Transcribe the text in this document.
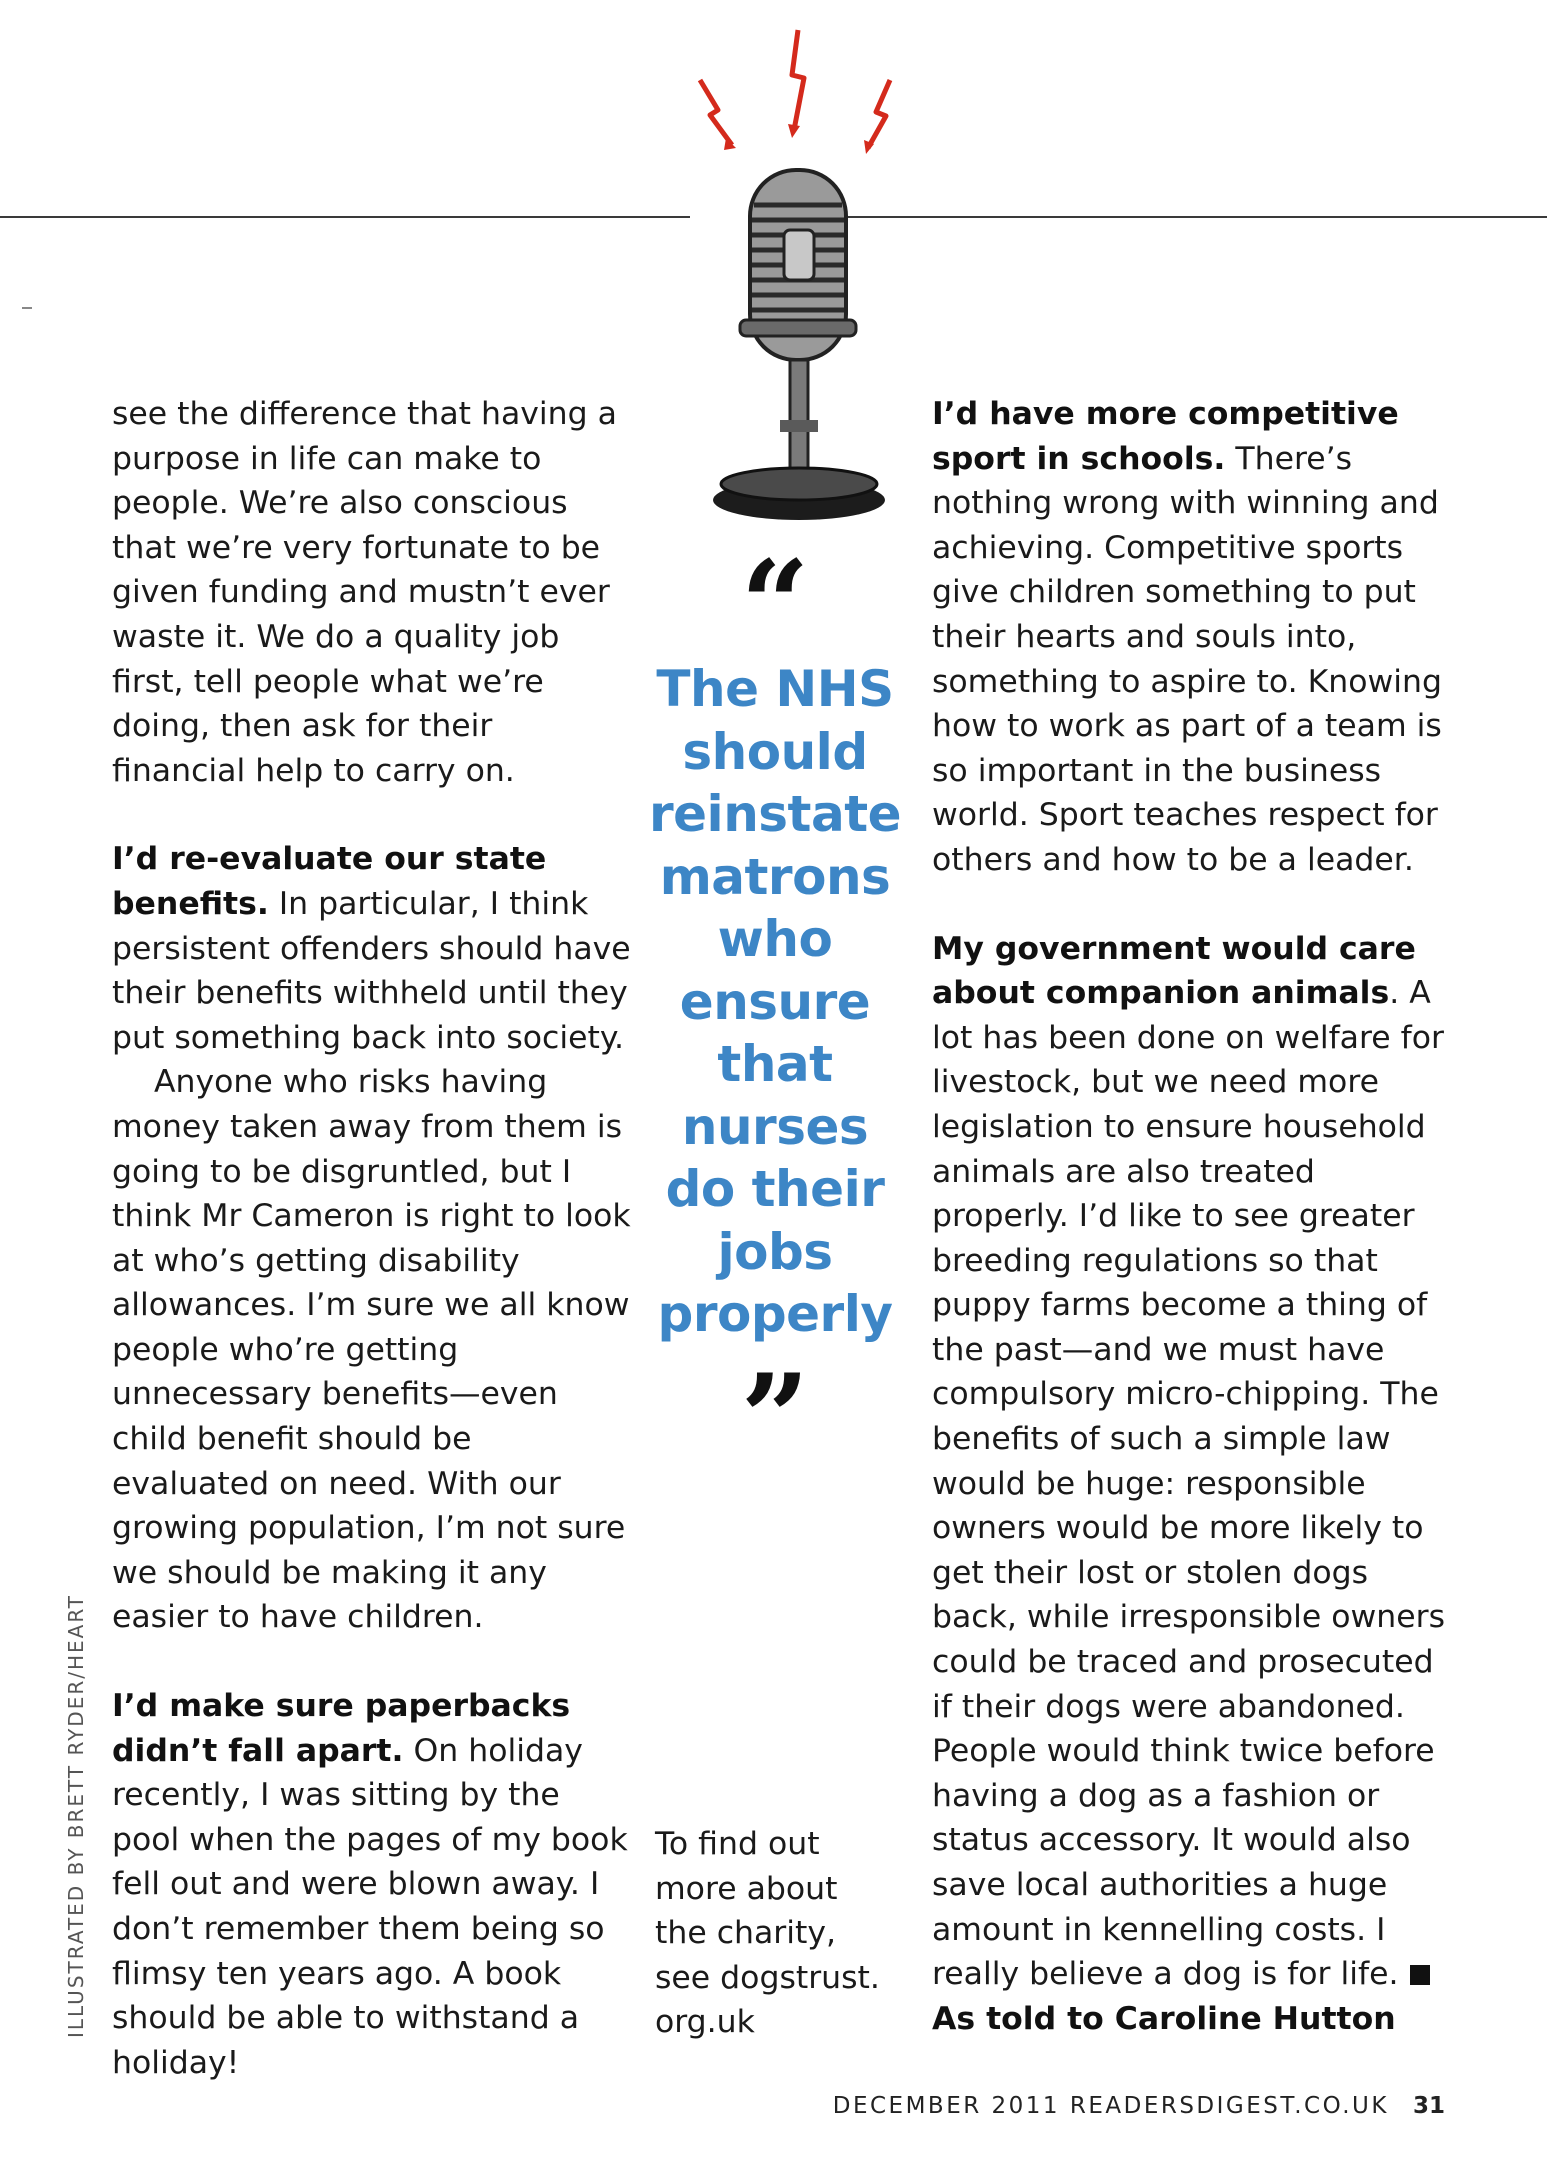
see the difference that having a purpose in life can make to people. We’re also conscious that we’re very fortunate to be given funding and mustn’t ever waste it. We do a quality job first, tell people what we’re doing, then ask for their financial help to carry on.

I’d re-evaluate our state benefits. In particular, I think persistent offenders should have their benefits withheld until they put something back into society.

Anyone who risks having money taken away from them is going to be disgruntled, but I think Mr Cameron is right to look at who’s getting disability allowances. I’m sure we all know people who’re getting unnecessary benefits—even child benefit should be evaluated on need. With our growing population, I’m not sure we should be making it any easier to have children.

I’d make sure paperbacks didn’t fall apart. On holiday recently, I was sitting by the pool when the pages of my book fell out and were blown away. I don’t remember them being so flimsy ten years ago. A book should be able to withstand a holiday!

“
The NHS should reinstate matrons who ensure that nurses do their jobs properly
”

To find out more about the charity, see dogstrust. org.uk

I’d have more competitive sport in schools. There’s nothing wrong with winning and achieving. Competitive sports give children something to put their hearts and souls into, something to aspire to. Knowing how to work as part of a team is so important in the business world. Sport teaches respect for others and how to be a leader.

My government would care about companion animals. A lot has been done on welfare for livestock, but we need more legislation to ensure household animals are also treated properly. I’d like to see greater breeding regulations so that puppy farms become a thing of the past—and we must have compulsory micro-chipping. The benefits of such a simple law would be huge: responsible owners would be more likely to get their lost or stolen dogs back, while irresponsible owners could be traced and prosecuted if their dogs were abandoned. People would think twice before having a dog as a fashion or status accessory. It would also save local authorities a huge amount in kennelling costs. I really believe a dog is for life.

As told to Caroline Hutton

ILLUSTRATED BY BRETT RYDER/HEART
DECEMBER 2011 READERSDIGEST.CO.UK 31
